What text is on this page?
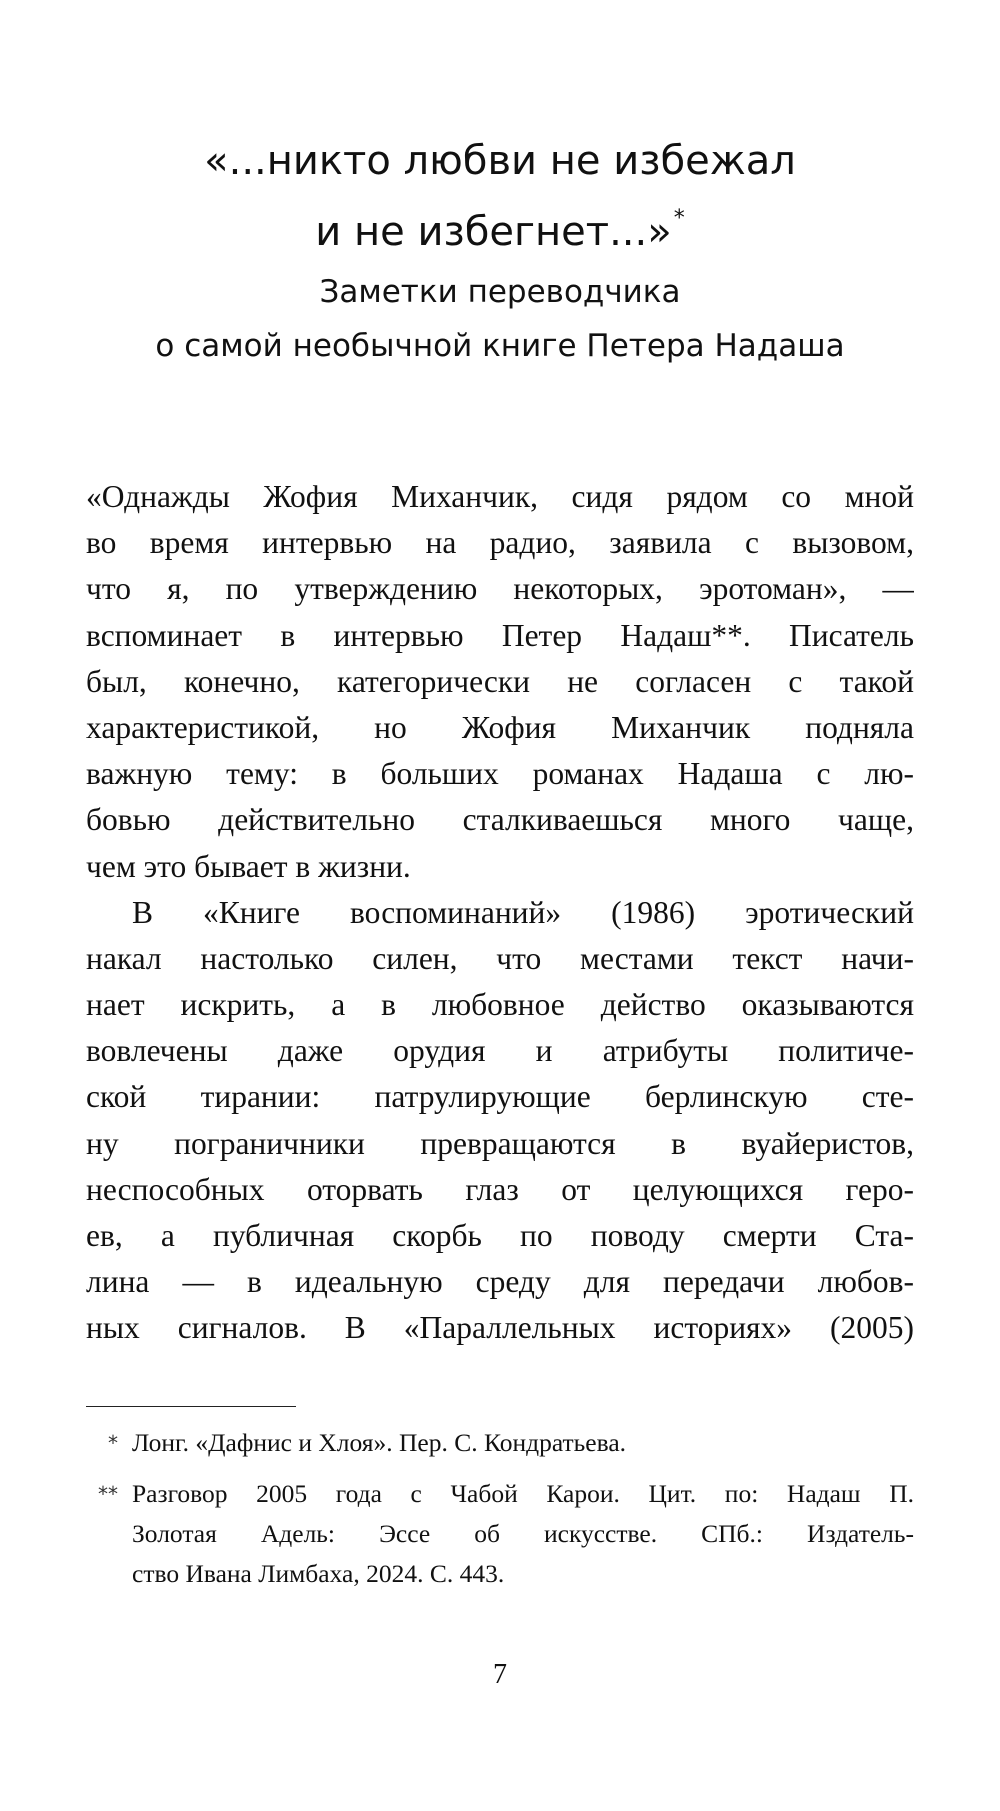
«...никто любви не избежал
и не избегнет...»*
Заметки переводчика
о самой необычной книге Петера Надаша
«Однажды Жофия Миханчик, сидя рядом со мной
во время интервью на радио, заявила с вызовом,
что я, по утверждению некоторых, эротоман», —
вспоминает в интервью Петер Надаш**. Писатель
был, конечно, категорически не согласен с такой
характеристикой, но Жофия Миханчик подняла
важную тему: в больших романах Надаша с лю-
бовью действительно сталкиваешься много чаще,
чем это бывает в жизни.
В «Книге воспоминаний» (1986) эротический
накал настолько силен, что местами текст начи-
нает искрить, а в любовное действо оказываются
вовлечены даже орудия и атрибуты политиче-
ской тирании: патрулирующие берлинскую сте-
ну пограничники превращаются в вуайеристов,
неспособных оторвать глаз от целующихся геро-
ев, а публичная скорбь по поводу смерти Ста-
лина — в идеальную среду для передачи любов-
ных сигналов. В «Параллельных историях» (2005)
* Лонг. «Дафнис и Хлоя». Пер. С. Кондратьева.
** Разговор 2005 года с Чабой Карои. Цит. по: Надаш П.
Золотая Адель: Эссе об искусстве. СПб.: Издатель-
ство Ивана Лимбаха, 2024. С. 443.
7
